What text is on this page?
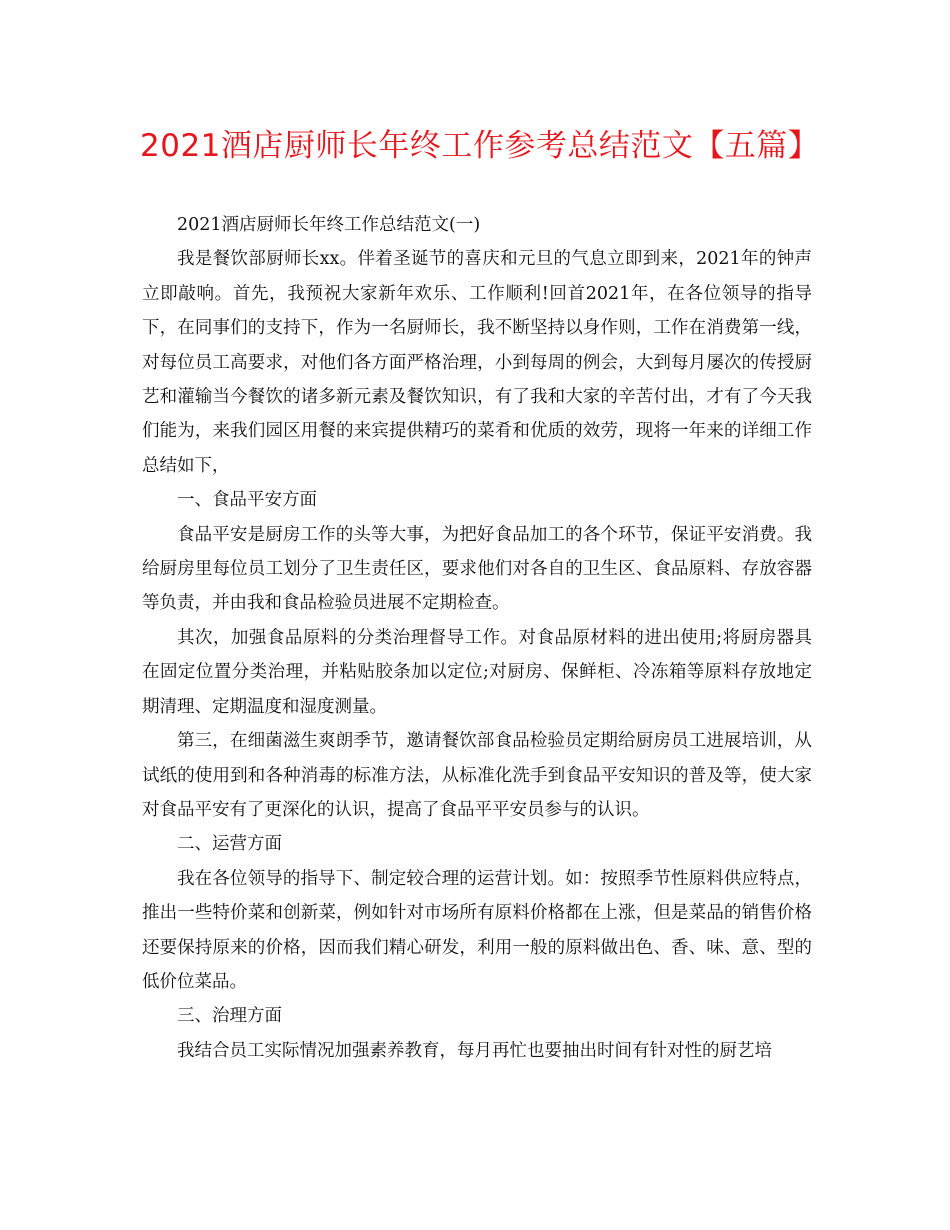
2021酒店厨师长年终工作参考总结范文【五篇】

2021酒店厨师长年终工作总结范文(一)

我是餐饮部厨师长xx。伴着圣诞节的喜庆和元旦的气息立即到来，2021年的钟声立即敲响。首先，我预祝大家新年欢乐、工作顺利!回首2021年，在各位领导的指导下，在同事们的支持下，作为一名厨师长，我不断坚持以身作则，工作在消费第一线，对每位员工高要求，对他们各方面严格治理，小到每周的例会，大到每月屡次的传授厨艺和灌输当今餐饮的诸多新元素及餐饮知识，有了我和大家的辛苦付出，才有了今天我们能为，来我们园区用餐的来宾提供精巧的菜肴和优质的效劳，现将一年来的详细工作总结如下，

一、食品平安方面

食品平安是厨房工作的头等大事，为把好食品加工的各个环节，保证平安消费。我给厨房里每位员工划分了卫生责任区，要求他们对各自的卫生区、食品原料、存放容器等负责，并由我和食品检验员进展不定期检查。

其次，加强食品原料的分类治理督导工作。对食品原材料的进出使用;将厨房器具在固定位置分类治理，并粘贴胶条加以定位;对厨房、保鲜柜、冷冻箱等原料存放地定期清理、定期温度和湿度测量。

第三，在细菌滋生爽朗季节，邀请餐饮部食品检验员定期给厨房员工进展培训，从试纸的使用到和各种消毒的标准方法，从标准化洗手到食品平安知识的普及等，使大家对食品平安有了更深化的认识，提高了食品平平安员参与的认识。

二、运营方面

我在各位领导的指导下、制定较合理的运营计划。如：按照季节性原料供应特点，推出一些特价菜和创新菜，例如针对市场所有原料价格都在上涨，但是菜品的销售价格还要保持原来的价格，因而我们精心研发，利用一般的原料做出色、香、味、意、型的低价位菜品。

三、治理方面

我结合员工实际情况加强素养教育，每月再忙也要抽出时间有针对性的厨艺培
